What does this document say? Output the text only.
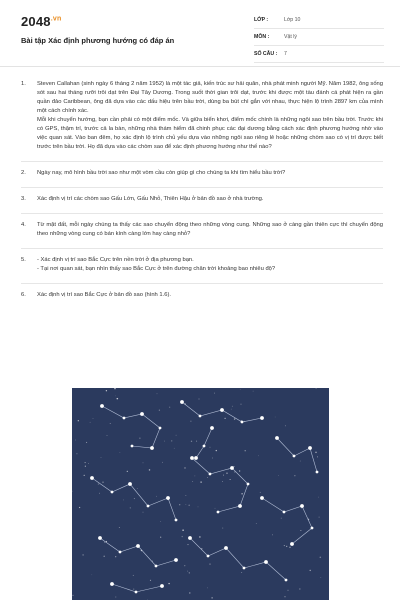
$2048^{.vn}$
Bài tập Xác định phương hướng có đáp án
LỚP :	Lớp 10
MÔN :	Vật lý
SỐ CÂU : 7
1. Steven Callahan (sinh ngày 6 tháng 2 năm 1952) là một tác giả, kiến trúc sư hải quân, nhà phát minh người Mỹ. Năm 1982, ông sống sót sau hai tháng rưỡi trôi dạt trên Đại Tây Dương. Trong suốt thời gian trôi dạt, trước khi được một tàu đánh cá phát hiện ra gần quần đảo Caribbean, ông đã dựa vào các dấu hiệu trên bầu trời, dùng ba bút chì gắn với nhau, thực hiện lộ trình 2897 km của mình một cách chính xác.

Mỗi khi chuyển hướng, bạn cần phải có một điểm mốc. Và giữa biển khơi, điểm mốc chính là những ngôi sao trên bầu trời. Trước khi có GPS, thậm trí, trước cả la bàn, những nhà thám hiểm đã chinh phục các đại dương bằng cách xác định phương hướng nhờ vào việc quan sát. Vào ban đêm, họ xác định lộ trình chủ yếu dựa vào những ngôi sao riêng lẻ hoặc những chòm sao có vị trí được biết trước trên bầu trời. Họ đã dựa vào các chòm sao để xác định phương hướng như thế nào?

2. Ngày nay, mô hình bầu trời sao như một vòm cầu còn giúp gì cho chúng ta khi tìm hiểu bầu trời?

3. Xác định vị trí các chòm sao Gấu Lớn, Gấu Nhỏ, Thiên Hậu ở bản đồ sao ở nhà trường.

4. Từ mặt đất, mỗi ngày chúng ta thấy các sao chuyển động theo những vòng cung. Những sao ở càng gần thiên cực thì chuyển động theo những vòng cung có bán kính càng lớn hay càng nhỏ?

5. - Xác định vị trí sao Bắc Cực trên nền trời ở địa phương bạn.

- Tại nơi quan sát, bạn nhìn thấy sao Bắc Cực ở trên đường chân trời khoảng bao nhiêu độ?

6. Xác định vị trí sao Bắc Cực ở bản đồ sao (hình 1.6).
